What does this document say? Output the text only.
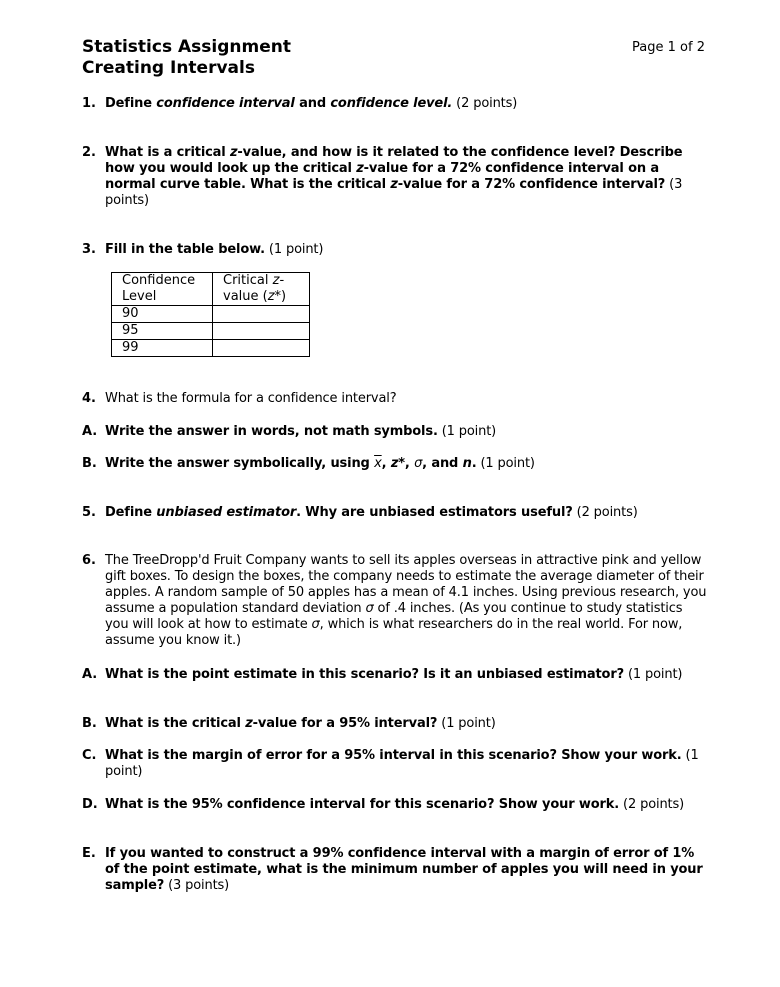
Statistics Assignment
Creating Intervals
Page 1 of 2
1. Define confidence interval and confidence level. (2 points)
2. What is a critical z-value, and how is it related to the confidence level? Describe how you would look up the critical z-value for a 72% confidence interval on a normal curve table. What is the critical z-value for a 72% confidence interval? (3 points)
3. Fill in the table below. (1 point)
4. What is the formula for a confidence interval?
A. Write the answer in words, not math symbols. (1 point)
B. Write the answer symbolically, using $\overline{x}$, z*, σ, and n. (1 point)
5. Define unbiased estimator. Why are unbiased estimators useful? (2 points)
6. The TreeDropp'd Fruit Company wants to sell its apples overseas in attractive pink and yellow gift boxes. To design the boxes, the company needs to estimate the average diameter of their apples. A random sample of 50 apples has a mean of 4.1 inches. Using previous research, you assume a population standard deviation σ of .4 inches. (As you continue to study statistics you will look at how to estimate σ, which is what researchers do in the real world. For now, assume you know it.)
A. What is the point estimate in this scenario? Is it an unbiased estimator? (1 point)
B. What is the critical z-value for a 95% interval? (1 point)
C. What is the margin of error for a 95% interval in this scenario? Show your work. (1 point)
D. What is the 95% confidence interval for this scenario? Show your work. (2 points)
E. If you wanted to construct a 99% confidence interval with a margin of error of 1% of the point estimate, what is the minimum number of apples you will need in your sample? (3 points)
Confidence
Level	Critical z-
value (z*)
90	
95	
99	
